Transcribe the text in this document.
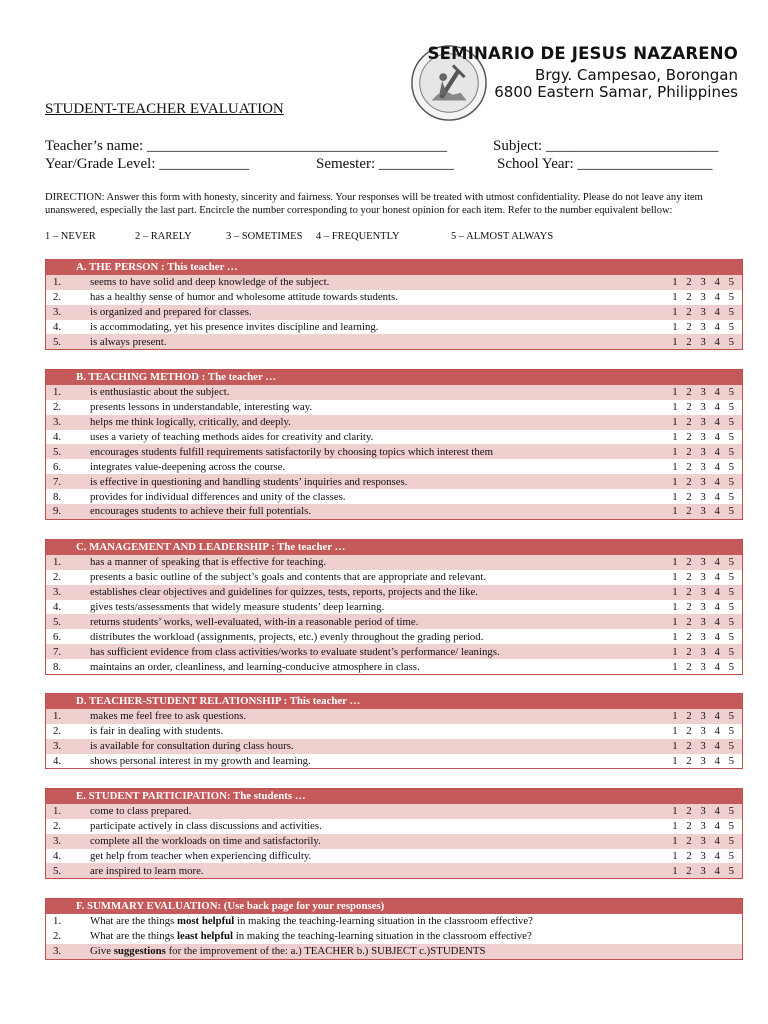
SEMINARIO DE JESUS NAZARENO
Brgy. Campesao, Borongan
6800 Eastern Samar, Philippines
STUDENT-TEACHER EVALUATION
Teacher’s name: ________________________________________	Subject: _______________________
Year/Grade Level: ____________	Semester: __________	School Year: __________________
DIRECTION: Answer this form with honesty, sincerity and fairness. Your responses will be treated with utmost confidentiality. Please do not leave any item unanswered, especially the last part. Encircle the number corresponding to your honest opinion for each item. Refer to the number equivalent bellow:
1 – NEVER	2 – RARELY	3 – SOMETIMES 4 – FREQUENTLY	5 – ALMOST ALWAYS
A. THE PERSON : This teacher …		
1.	seems to have solid and deep knowledge of the subject.	1 2 3 4 5
2.	has a healthy sense of humor and wholesome attitude towards students.	1 2 3 4 5
3.	is organized and prepared for classes.	1 2 3 4 5
4.	is accommodating, yet his presence invites discipline and learning.	1 2 3 4 5
5.	is always present.	1 2 3 4 5
B. TEACHING METHOD : The teacher …		
1.	is enthusiastic about the subject.	1 2 3 4 5
2.	presents lessons in understandable, interesting way.	1 2 3 4 5
3.	helps me think logically, critically, and deeply.	1 2 3 4 5
4.	uses a variety of teaching methods aides for creativity and clarity.	1 2 3 4 5
5.	encourages students fulfill requirements satisfactorily by choosing topics which interest them	1 2 3 4 5
6.	integrates value-deepening across the course.	1 2 3 4 5
7.	is effective in questioning and handling students’ inquiries and responses.	1 2 3 4 5
8.	provides for individual differences and unity of the classes.	1 2 3 4 5
9.	encourages students to achieve their full potentials.	1 2 3 4 5
C. MANAGEMENT AND LEADERSHIP : The teacher …		
1.	has a manner of speaking that is effective for teaching.	1 2 3 4 5
2.	presents a basic outline of the subject’s goals and contents that are appropriate and relevant.	1 2 3 4 5
3.	establishes clear objectives and guidelines for quizzes, tests, reports, projects and the like.	1 2 3 4 5
4.	gives tests/assessments that widely measure students’ deep learning.	1 2 3 4 5
5.	returns students’ works, well-evaluated, with-in a reasonable period of time.	1 2 3 4 5
6.	distributes the workload (assignments, projects, etc.) evenly throughout the grading period.	1 2 3 4 5
7.	has sufficient evidence from class activities/works to evaluate student’s performance/ leanings.	1 2 3 4 5
8.	maintains an order, cleanliness, and learning-conducive atmosphere in class.	1 2 3 4 5
D. TEACHER-STUDENT RELATIONSHIP : This teacher …		
1.	makes me feel free to ask questions.	1 2 3 4 5
2.	is fair in dealing with students.	1 2 3 4 5
3.	is available for consultation during class hours.	1 2 3 4 5
4.	shows personal interest in my growth and learning.	1 2 3 4 5
E. STUDENT PARTICIPATION: The students …		
1.	come to class prepared.	1 2 3 4 5
2.	participate actively in class discussions and activities.	1 2 3 4 5
3.	complete all the workloads on time and satisfactorily.	1 2 3 4 5
4.	get help from teacher when experiencing difficulty.	1 2 3 4 5
5.	are inspired to learn more.	1 2 3 4 5
F. SUMMARY EVALUATION: (Use back page for your responses)	
1.	What are the things most helpful in making the teaching-learning situation in the classroom effective?
2.	What are the things least helpful in making the teaching-learning situation in the classroom effective?
3.	Give suggestions for the improvement of the: a.) TEACHER b.) SUBJECT c.)STUDENTS
